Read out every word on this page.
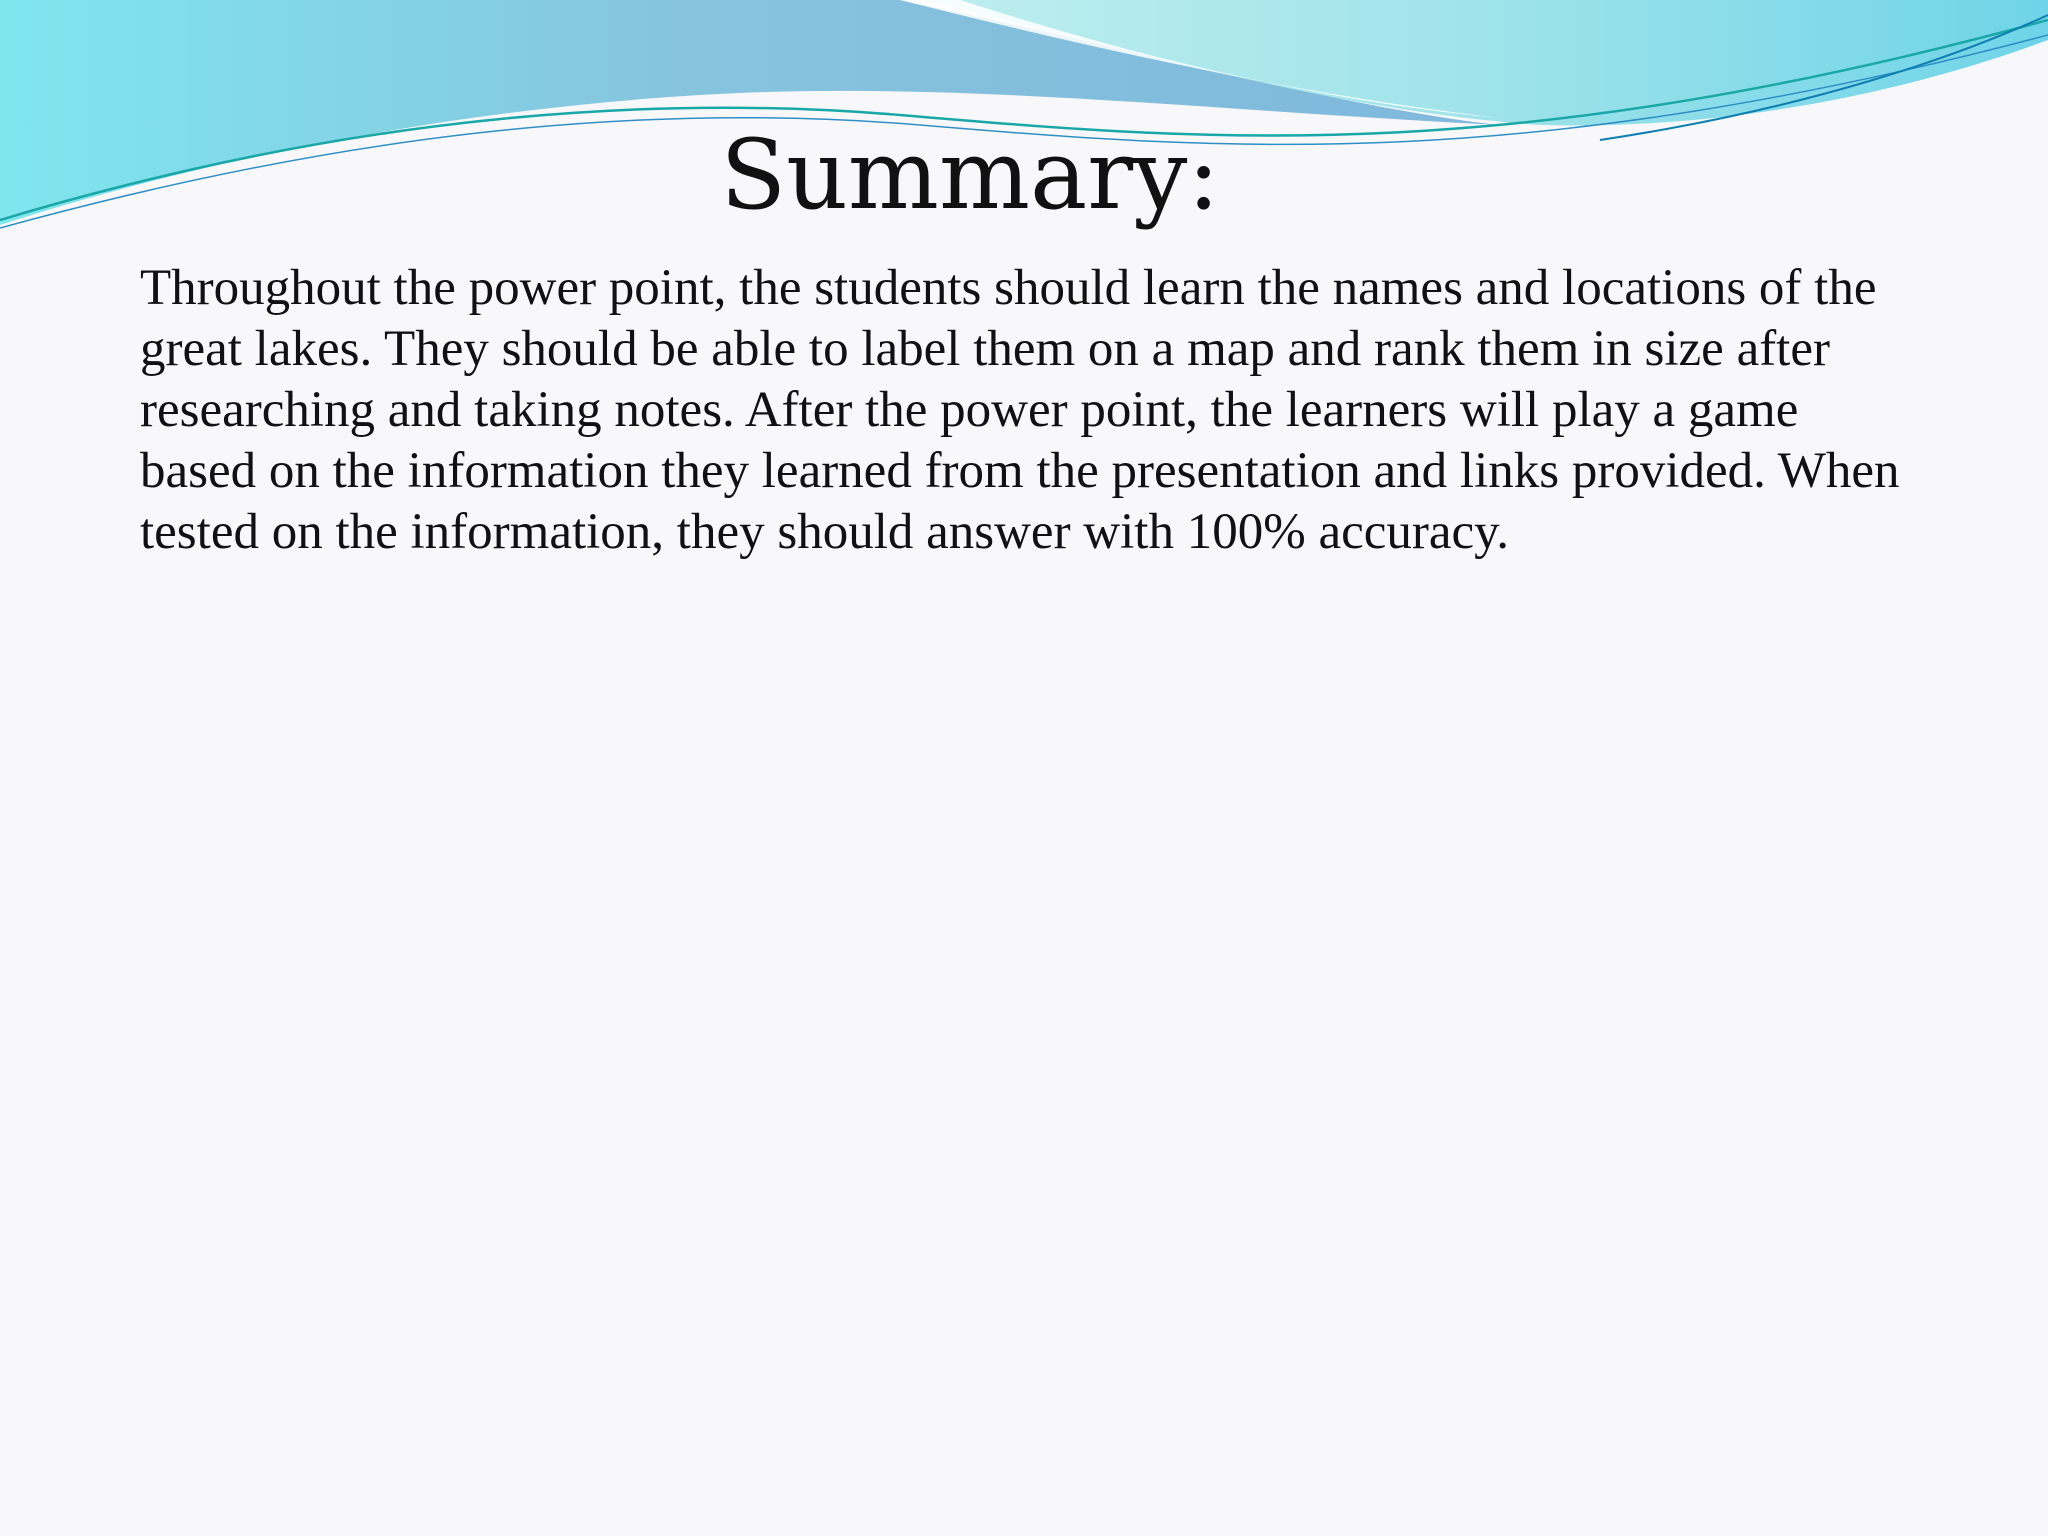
Summary:

Throughout the power point, the students should learn the names and locations of the great lakes. They should be able to label them on a map and rank them in size after researching and taking notes. After the power point, the learners will play a game based on the information they learned from the presentation and links provided. When tested on the information, they should answer with 100% accuracy.
